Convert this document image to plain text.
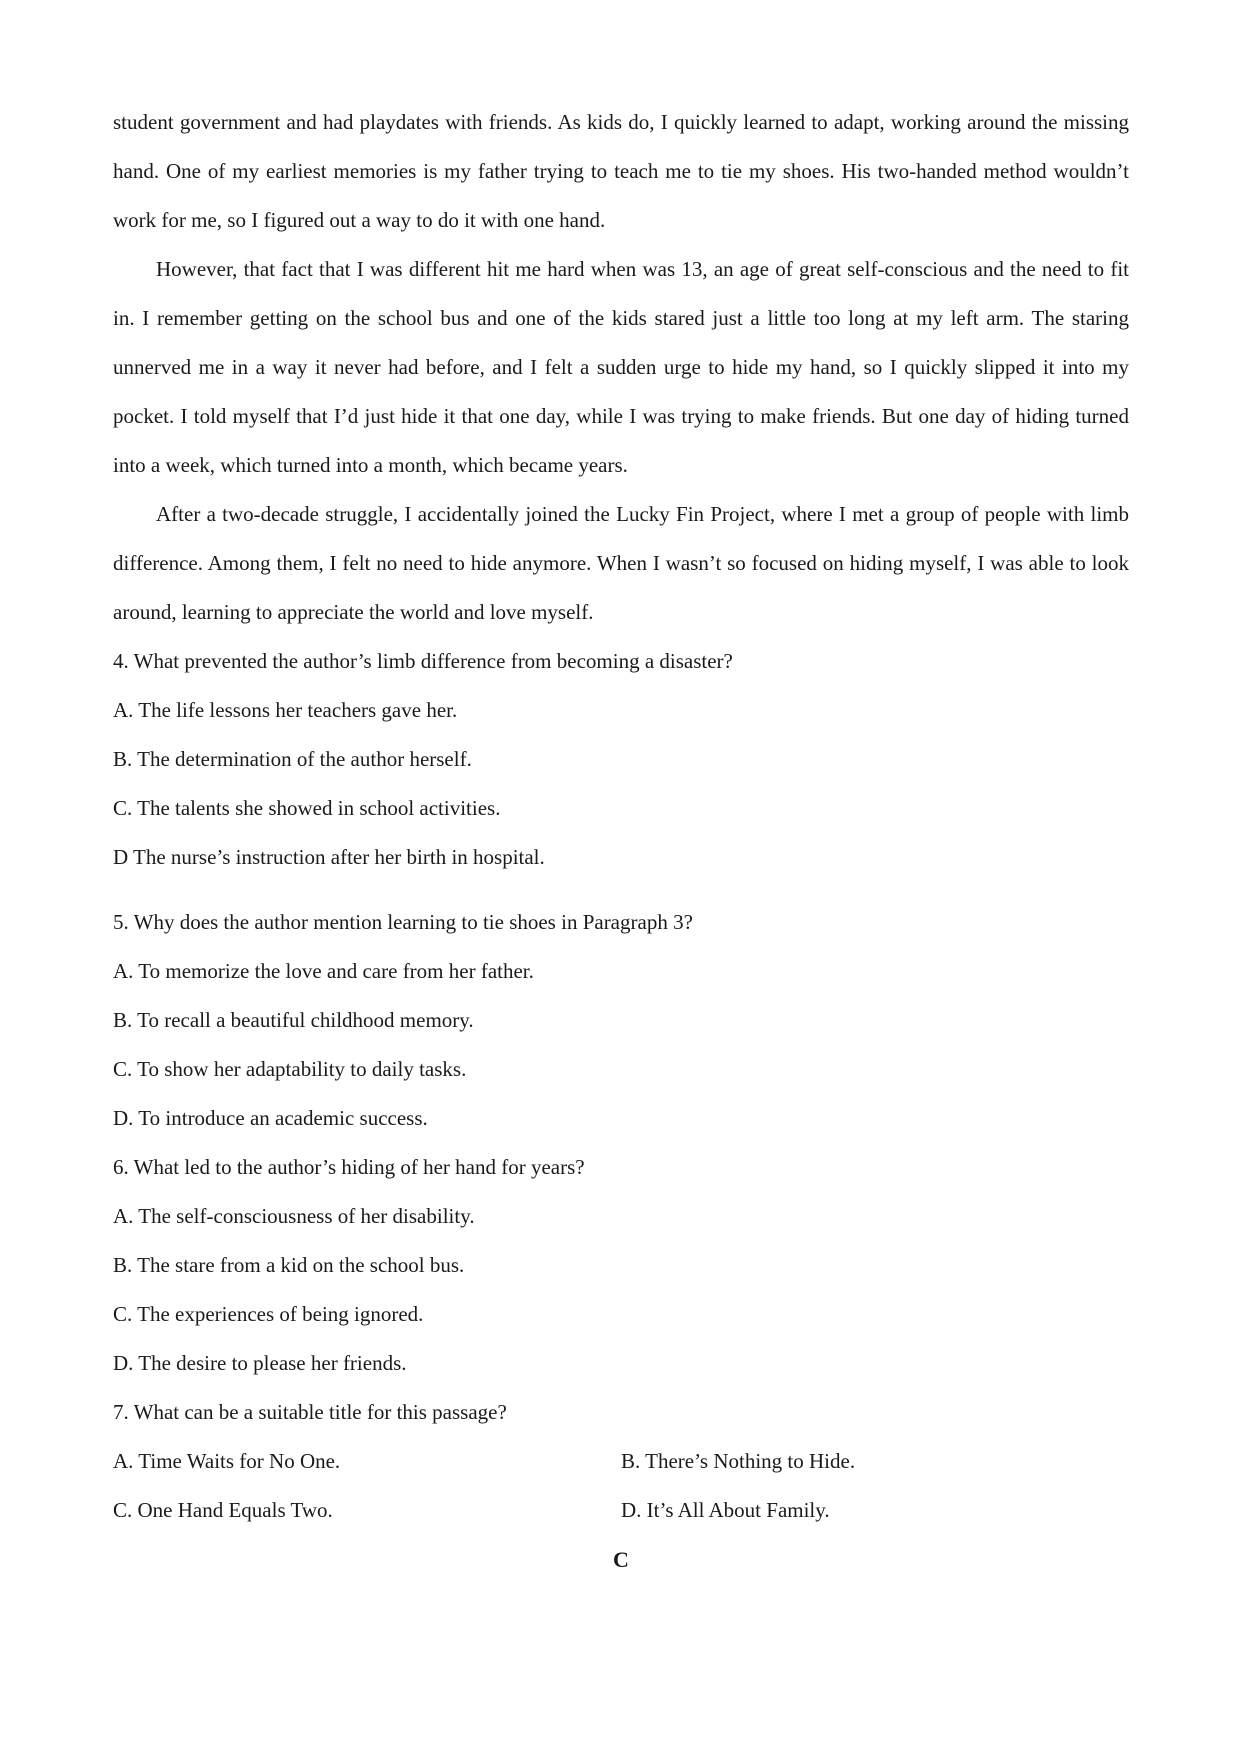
student government and had playdates with friends. As kids do, I quickly learned to adapt, working around the missing hand. One of my earliest memories is my father trying to teach me to tie my shoes. His two-handed method wouldn’t work for me, so I figured out a way to do it with one hand.

However, that fact that I was different hit me hard when was 13, an age of great self-conscious and the need to fit in. I remember getting on the school bus and one of the kids stared just a little too long at my left arm. The staring unnerved me in a way it never had before, and I felt a sudden urge to hide my hand, so I quickly slipped it into my pocket. I told myself that I’d just hide it that one day, while I was trying to make friends. But one day of hiding turned into a week, which turned into a month, which became years.

After a two-decade struggle, I accidentally joined the Lucky Fin Project, where I met a group of people with limb difference. Among them, I felt no need to hide anymore. When I wasn’t so focused on hiding myself, I was able to look around, learning to appreciate the world and love myself.

4. What prevented the author’s limb difference from becoming a disaster?

A. The life lessons her teachers gave her.

B. The determination of the author herself.

C. The talents she showed in school activities.

D The nurse’s instruction after her birth in hospital.

5. Why does the author mention learning to tie shoes in Paragraph 3?

A. To memorize the love and care from her father.

B. To recall a beautiful childhood memory.

C. To show her adaptability to daily tasks.

D. To introduce an academic success.

6. What led to the author’s hiding of her hand for years?

A. The self-consciousness of her disability.

B. The stare from a kid on the school bus.

C. The experiences of being ignored.

D. The desire to please her friends.

7. What can be a suitable title for this passage?

A. Time Waits for No One.	B. There’s Nothing to Hide.
C. One Hand Equals Two.	D. It’s All About Family.

C
